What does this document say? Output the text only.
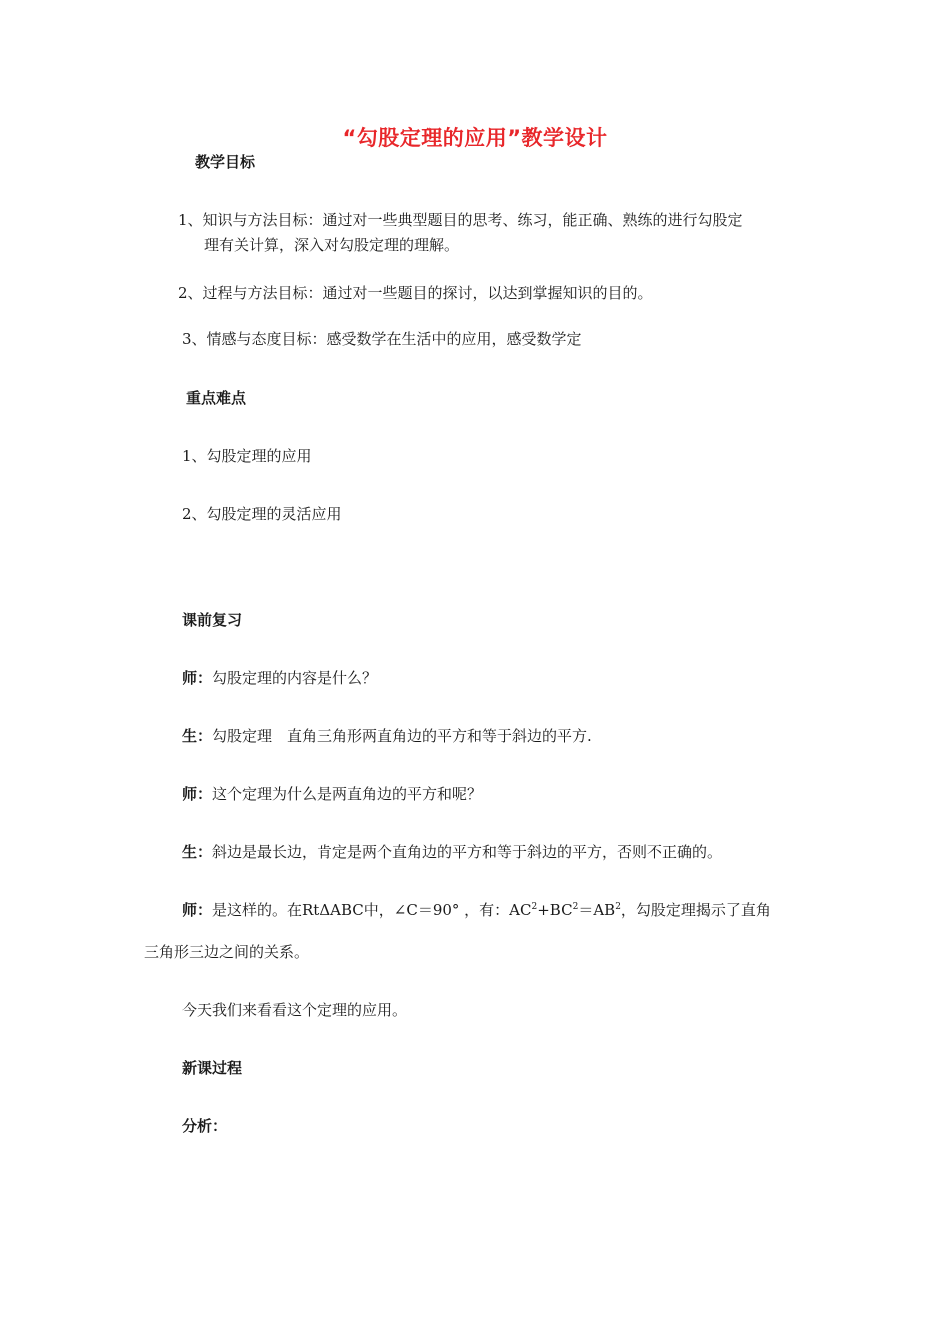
“勾股定理的应用”教学设计
教学目标
1、知识与方法目标：通过对一些典型题目的思考、练习，能正确、熟练的进行勾股定
理有关计算，深入对勾股定理的理解。
2、过程与方法目标：通过对一些题目的探讨，以达到掌握知识的目的。
3、情感与态度目标：感受数学在生活中的应用，感受数学定
重点难点
1、勾股定理的应用
2、勾股定理的灵活应用
课前复习
师：勾股定理的内容是什么？
生：勾股定理　直角三角形两直角边的平方和等于斜边的平方.
师：这个定理为什么是两直角边的平方和呢？
生：斜边是最长边，肯定是两个直角边的平方和等于斜边的平方，否则不正确的。
师：是这样的。在RtΔABC中，∠C＝90° ，有：$AC^2+BC^2=AB^2$，勾股定理揭示了直角
三角形三边之间的关系。
今天我们来看看这个定理的应用。
新课过程
分析：
